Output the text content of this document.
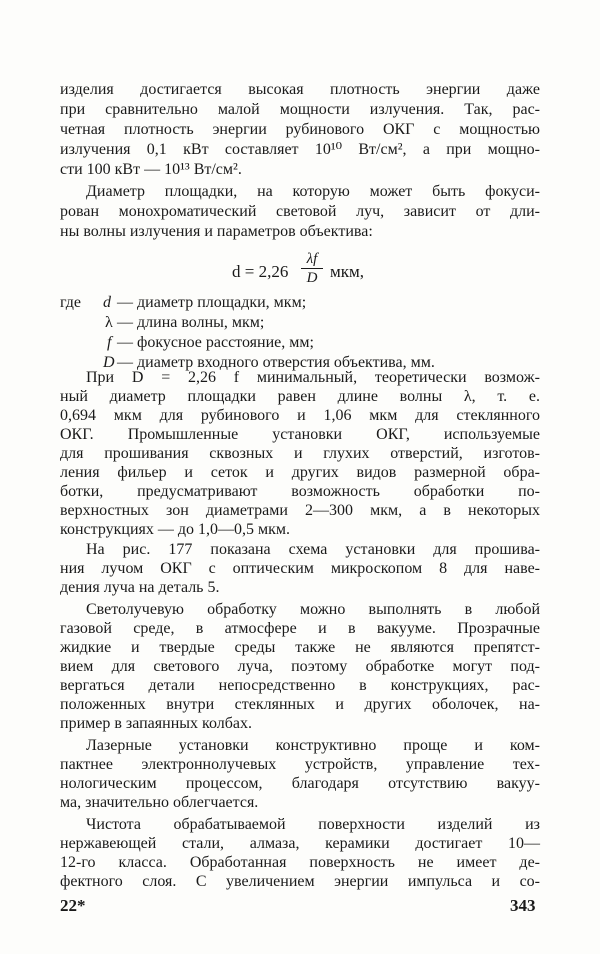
изделия достигается высокая плотность энергии даже
при сравнительно малой мощности излучения. Так, рас-
четная плотность энергии рубинового ОКГ с мощностью
излучения 0,1 кВт составляет 10¹⁰ Вт/см², а при мощно-
сти 100 кВт — 10¹³ Вт/см².
Диаметр площадки, на которую может быть фокуси-
рован монохроматический световой луч, зависит от дли-
ны волны излучения и параметров объектива:
d = 2,26
λf
D мкм,
где d — диаметр площадки, мкм;
λ — длина волны, мкм;
f — фокусное расстояние, мм;
D — диаметр входного отверстия объектива, мм.
При D = 2,26 f минимальный, теоретически возмож-
ный диаметр площадки равен длине волны λ, т. е.
0,694 мкм для рубинового и 1,06 мкм для стеклянного
ОКГ. Промышленные установки ОКГ, используемые
для прошивания сквозных и глухих отверстий, изготов-
ления фильер и сеток и других видов размерной обра-
ботки, предусматривают возможность обработки по-
верхностных зон диаметрами 2—300 мкм, а в некоторых
конструкциях — до 1,0—0,5 мкм.
На рис. 177 показана схема установки для прошива-
ния лучом ОКГ с оптическим микроскопом 8 для наве-
дения луча на деталь 5.
Светолучевую обработку можно выполнять в любой
газовой среде, в атмосфере и в вакууме. Прозрачные
жидкие и твердые среды также не являются препятст-
вием для светового луча, поэтому обработке могут под-
вергаться детали непосредственно в конструкциях, рас-
положенных внутри стеклянных и других оболочек, на-
пример в запаянных колбах.
Лазерные установки конструктивно проще и ком-
пактнее электроннолучевых устройств, управление тех-
нологическим процессом, благодаря отсутствию вакуу-
ма, значительно облегчается.
22*	343
Чистота обрабатываемой поверхности изделий из
нержавеющей стали, алмаза, керамики достигает 10—
12-го класса. Обработанная поверхность не имеет де-
фектного слоя. С увеличением энергии импульса и со-
